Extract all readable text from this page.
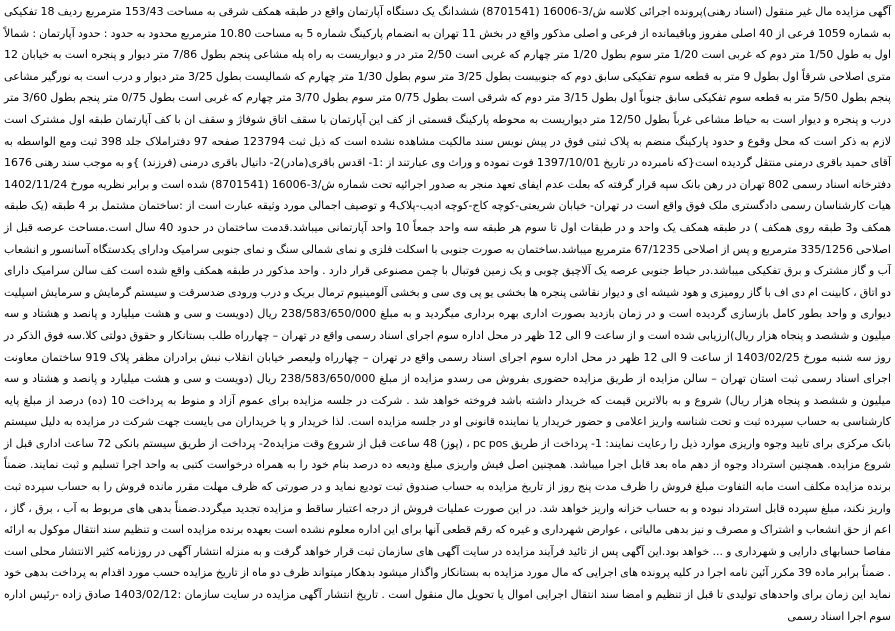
آگهی مزایده مال غیر منقول (اسناد رهنی)پرونده اجرائی کلاسه ش/3-16006 (8701541) ششدانگ یک دستگاه آپارتمان واقع در طبقه همکف شرقی به مساحت 153/43 مترمربع ردیف 18 تفکیکی به شماره 1059 فرعی از 40 اصلی مفروز وباقیمانده از فرعی و اصلی مذکور واقع در بخش 11 تهران به انضمام پارکینگ شماره 5 به مساحت 10.80 مترمربع محدود به حدود : حدود آپارتمان : شمالاً اول به طول 1/50 متر دوم که غربی است 1/20 متر سوم بطول 1/20 متر چهارم که غربی است 2/50 متر در و دیواریست به راه پله مشاعی پنجم بطول 7/86 متر دیوار و پنجره است به خیابان 12 متری اصلاحی شرقاً اول بطول 9 متر به قطعه سوم تفکیکی سابق دوم که جنوبیست بطول 3/25 متر سوم بطول 1/30 متر چهارم که شمالیست بطول 3/25 متر دیوار و درب است به نورگیر مشاعی پنجم بطول 5/50 متر به قطعه سوم تفکیکی سابق جنوباً اول بطول 3/15 متر دوم که شرقی است بطول 0/75 متر سوم بطول 3/70 متر چهارم که غربی است بطول 0/75 متر پنجم بطول 3/60 متر درب و پنجره و دیوار است به حیاط مشاعی غرباً بطول 12/50 متر دیواریست به محوطه پارکینگ قسمتی از کف این آپارتمان با سقف اتاق شوفاژ و سقف ان با کف آپارتمان طبقه اول مشترک است لازم به ذکر است که محل وقوع و حدود پارکینگ منضم به پلاک ثبتی فوق در پیش نویس سند مالکیت مشاهده نشده است که ذیل ثبت 123794 صفحه 97 دفتراملاک جلد 398 ثبت ومع الواسطه به آقای حمید باقری درمنی منتقل گردیده است{که نامبرده در تاریخ 1397/10/01 فوت نموده و وراث وی عبارتند از :1- اقدس باقری(مادر)2- دانیال باقری درمنی (فرزند) }و به موجب سند رهنی 1676 دفترخانه اسناد رسمی 802 تهران در رهن بانک سپه قرار گرفته که بعلت عدم ایفای تعهد منجر به صدور اجرائیه تحت شماره ش/3-16006 (8701541) شده است و برابر نظریه مورخ 1402/11/24 هیات کارشناسان رسمی دادگستری ملک فوق واقع است در تهران- خیابان شریعتی-کوچه کاج-کوچه ادیب-پلاک4 و توصیف اجمالی مورد وثیقه عبارت است از :ساختمان مشتمل بر 4 طبقه (یک طبقه همکف و3 طبقه روی همکف ) در طبقه همکف یک واحد و در طبقات اول تا سوم هر طبقه سه واحد جمعاً 10 واحد آپارتمانی میباشد.قدمت ساختمان در حدود 40 سال است.مساحت عرصه قبل از اصلاحی 335/1256 مترمربع و پس از اصلاحی 67/1235 مترمربع میباشد.ساختمان به صورت جنوبی با اسکلت فلزی و نمای شمالی سنگ و نمای جنوبی سرامیک ودارای یکدستگاه آسانسور و انشعاب آب و گاز مشترک و برق تفکیکی میباشد.در حیاط جنوبی عرصه یک آلاچیق چوبی و یک زمین فوتبال با چمن مصنوعی قرار دارد . واحد مذکور در طبقه همکف واقع شده است کف سالن سرامیک دارای دو اتاق ، کابینت ام دی اف با گاز رومیزی و هود شیشه ای و دیوار نقاشی پنجره ها بخشی یو پی وی سی و بخشی آلومینیوم ترمال بریک و درب ورودی ضدسرقت و سیستم گرمایش و سرمایش اسپلیت دیواری و واحد بطور کامل بازسازی گردیده است و در زمان بازدید بصورت اداری بهره برداری میگردید و به مبلغ 238/583/650/000 ریال (دویست و سی و هشت میلیارد و پانصد و هشتاد و سه میلیون و ششصد و پنجاه هزار ریال)ارزیابی شده است و از ساعت 9 الی 12 ظهر در محل اداره سوم اجرای اسناد رسمی واقع در تهران – چهارراه طلب بستانکار و حقوق دولتی کلا.سه فوق الذکر در روز سه شنبه مورخ 1403/02/25 از ساعت 9 الی 12 ظهر در محل اداره سوم اجرای اسناد رسمی واقع در تهران – چهارراه ولیعصر خیابان انقلاب نبش برادران مظفر پلاک 919 ساختمان معاونت اجرای اسناد رسمی ثبت استان تهران – سالن مزایده از طریق مزایده حضوری بفروش می رسدو مزایده از مبلغ 238/583/650/000 ریال (دویست و سی و هشت میلیارد و پانصد و هشتاد و سه میلیون و ششصد و پنجاه هزار ریال) شروع و به بالاترین قیمت که خریدار داشته باشد فروخته خواهد شد . شرکت در جلسه مزایده برای عموم آزاد و منوط به پرداخت 10 (ده) درصد از مبلغ پایه کارشناسی به حساب سپرده ثبت و تحت شناسه واریز اعلامی و حضور خریدار یا نماینده قانونی او در جلسه مزایده است. لذا خریدار و یا خریداران می بایست جهت شرکت در مزایده به دلیل سیستم بانک مرکزی برای تایید وجوه واریزی موارد ذیل را رعایت نمایند: 1- پرداخت از طریق pc pos ، (پوز) 48 ساعت قبل از شروع وقت مزایده2- پرداخت از طریق سیستم بانکی 72 ساعت اداری قبل از شروع مزایده. همچنین استرداد وجوه از دهم ماه بعد قابل اجرا میباشد. همچنین اصل فیش واریزی مبلغ ودیعه ده درصد بنام خود را به همراه درخواست کتبی به واحد اجرا تسلیم و ثبت نمایند. ضمناً برنده مزایده مکلف است مابه التفاوت مبلغ فروش را ظرف مدت پنج روز از تاریخ مزایده به حساب صندوق ثبت تودیع نماید و در صورتی که ظرف مهلت مقرر مانده فروش را به حساب سپرده ثبت واریز نکند، مبلغ سپرده قابل استرداد نبوده و به حساب خزانه واریز خواهد شد. در این صورت عملیات فروش از درجه اعتبار ساقط و مزایده تجدید میگردد.ضمناً بدهی های مربوط به آب ، برق ، گاز ، اعم از حق انشعاب و اشتراک و مصرف و نیز بدهی مالیاتی ، عوارض شهرداری و غیره که رقم قطعی آنها برای این اداره معلوم نشده است بعهده برنده مزایده است و تنظیم سند انتقال موکول به ارائه مفاصا حسابهای دارایی و شهرداری و ... خواهد بود.این آگهی پس از تائید فرآیند مزایده در سایت آگهی های سازمان ثبت قرار خواهد گرفت و به منزله انتشار آگهی در روزنامه کثیر الانتشار محلی است . ضمناً برابر ماده 39 مکرر آئین نامه اجرا در کلیه پرونده های اجرایی که مال مورد مزایده به بستانکار واگذار میشود بدهکار میتواند ظرف دو ماه از تاریخ مزایده حسب مورد اقدام به پرداخت بدهی خود نماید این زمان برای واحدهای تولیدی تا قبل از تنظیم و امضا سند انتقال اجرایی اموال یا تحویل مال منقول است . تاریخ انتشار آگهی مزایده در سایت سازمان :1403/02/12 صادق زاده -رئیس اداره سوم اجرا اسناد رسمی
